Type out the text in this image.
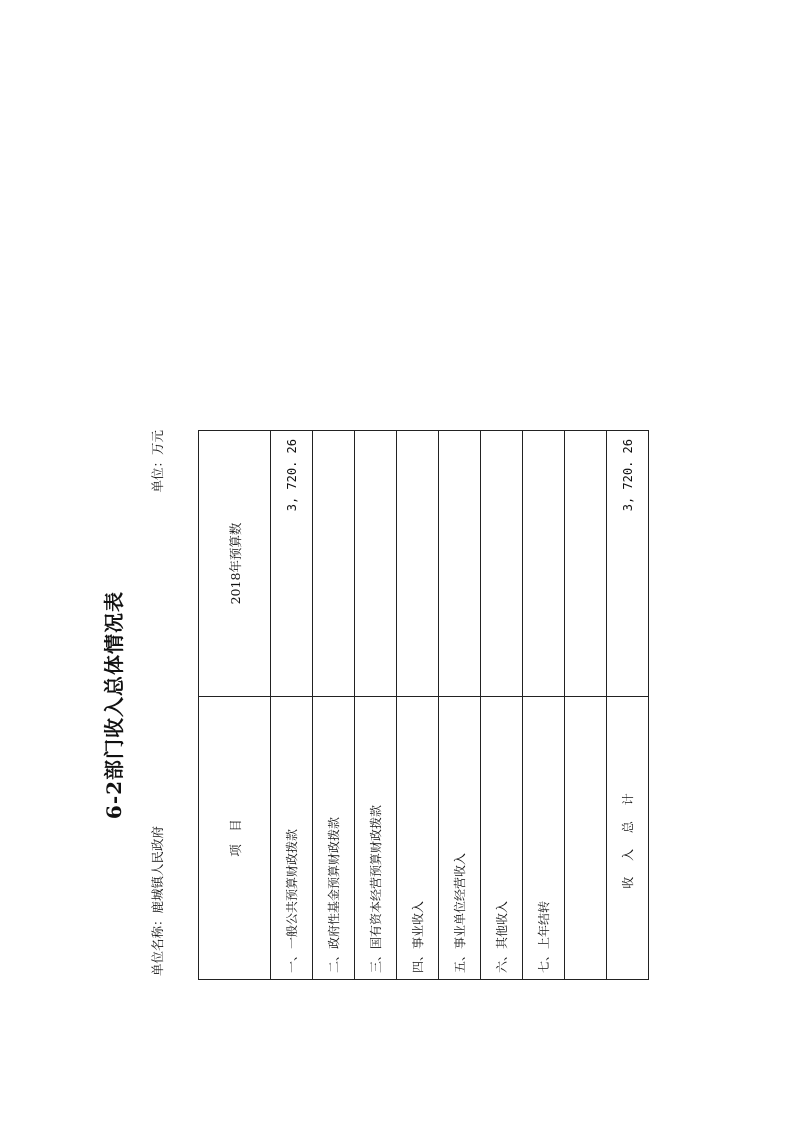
6-2部门收入总体情况表
单位名称：鹿城镇人民政府
单位：万元
项　目	2018年预算数
一、一般公共预算财政拨款	3, 720. 26
二、政府性基金预算财政拨款	
三、国有资本经营预算财政拨款	
四、事业收入	
五、事业单位经营收入	
六、其他收入	
七、上年结转	

收 入 总 计	3, 720. 26
